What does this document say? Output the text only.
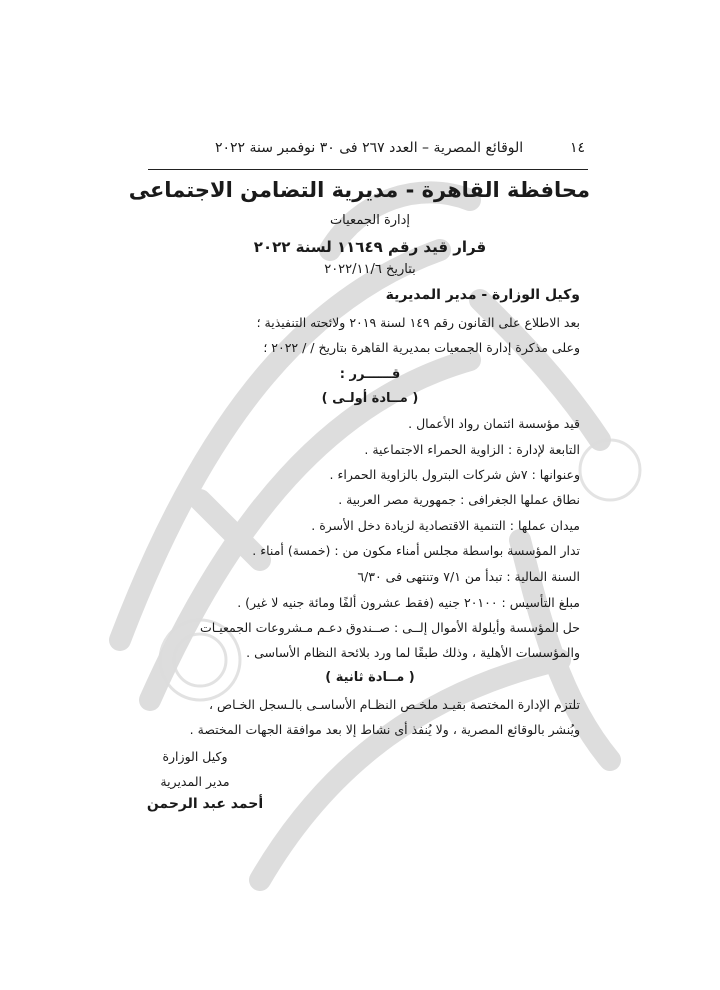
١٤
الوقائع المصرية – العدد ٢٦٧ فى ٣٠ نوفمبر سنة ٢٠٢٢
محافظة القاهرة - مديرية التضامن الاجتماعى
إدارة الجمعيات
قرار قيد رقم ١١٦٤٩ لسنة ٢٠٢٢
بتاريخ ٢٠٢٢/١١/٦
وكيل الوزارة - مدير المديرية
بعد الاطلاع على القانون رقم ١٤٩ لسنة ٢٠١٩ ولائحته التنفيذية ؛
وعلى مذكرة إدارة الجمعيات بمديرية القاهرة بتاريخ / / ٢٠٢٢ ؛
قــــــرر :
( مــادة أولـى )
قيد مؤسسة ائتمان رواد الأعمال .
التابعة لإدارة : الزاوية الحمراء الاجتماعية .
وعنوانها : ٧ش شركات البترول بالزاوية الحمراء .
نطاق عملها الجغرافى : جمهورية مصر العربية .
ميدان عملها : التنمية الاقتصادية لزيادة دخل الأسرة .
تدار المؤسسة بواسطة مجلس أمناء مكون من : (خمسة) أمناء .
السنة المالية : تبدأ من ٧/١ وتنتهى فى ٦/٣٠
مبلغ التأسيس : ٢٠١٠٠ جنيه (فقط عشرون ألفًا ومائة جنيه لا غير) .
حل المؤسسة وأيلولة الأموال إلــى : صــندوق دعـم مـشروعات الجمعيـات
والمؤسسات الأهلية ، وذلك طبقًا لما ورد بلائحة النظام الأساسى .
( مــادة ثانية )
تلتزم الإدارة المختصة بقيـد ملخـص النظـام الأساسـى بالـسجل الخـاص ،
ويُنشر بالوقائع المصرية ، ولا يُنفذ أى نشاط إلا بعد موافقة الجهات المختصة .
وكيل الوزارة
مدير المديرية
أحمد عبد الرحمن
